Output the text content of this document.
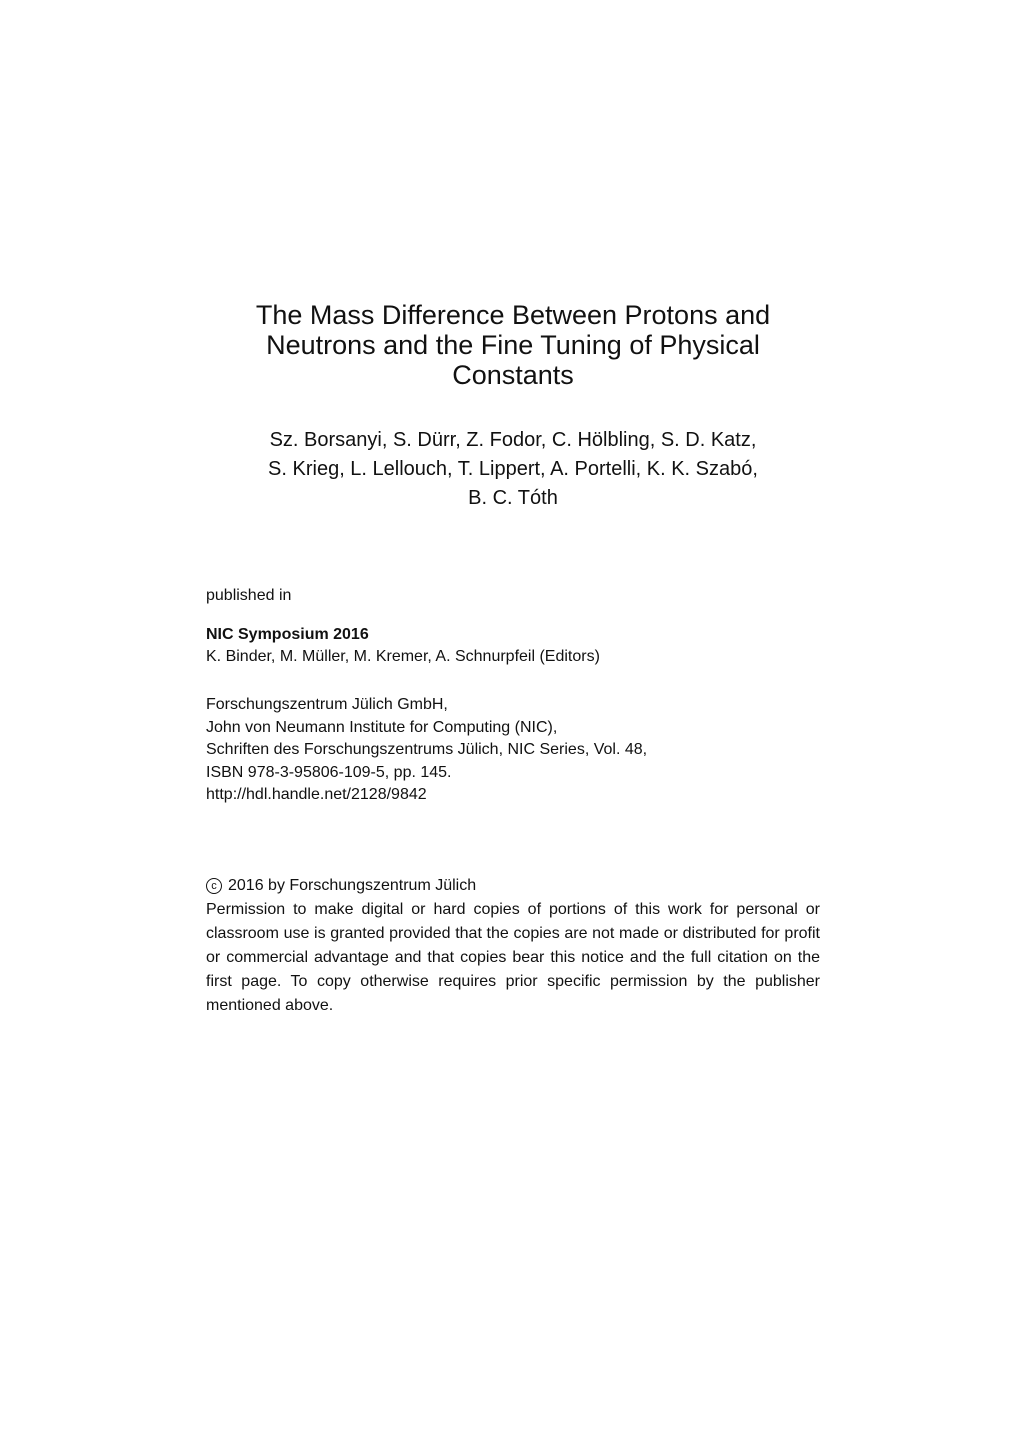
The Mass Difference Between Protons and
Neutrons and the Fine Tuning of Physical
Constants
Sz. Borsanyi, S. Dürr, Z. Fodor, C. Hölbling, S. D. Katz,
S. Krieg, L. Lellouch, T. Lippert, A. Portelli, K. K. Szabó,
B. C. Tóth
published in
NIC Symposium 2016
K. Binder, M. Müller, M. Kremer, A. Schnurpfeil (Editors)
Forschungszentrum Jülich GmbH,
John von Neumann Institute for Computing (NIC),
Schriften des Forschungszentrums Jülich, NIC Series, Vol. 48,
ISBN 978-3-95806-109-5, pp. 145.
http://hdl.handle.net/2128/9842
c 2016 by Forschungszentrum Jülich

Permission to make digital or hard copies of portions of this work for personal or classroom use is granted provided that the copies are not made or distributed for profit or commercial advantage and that copies bear this notice and the full citation on the first page. To copy otherwise requires prior specific permission by the publisher mentioned above.
